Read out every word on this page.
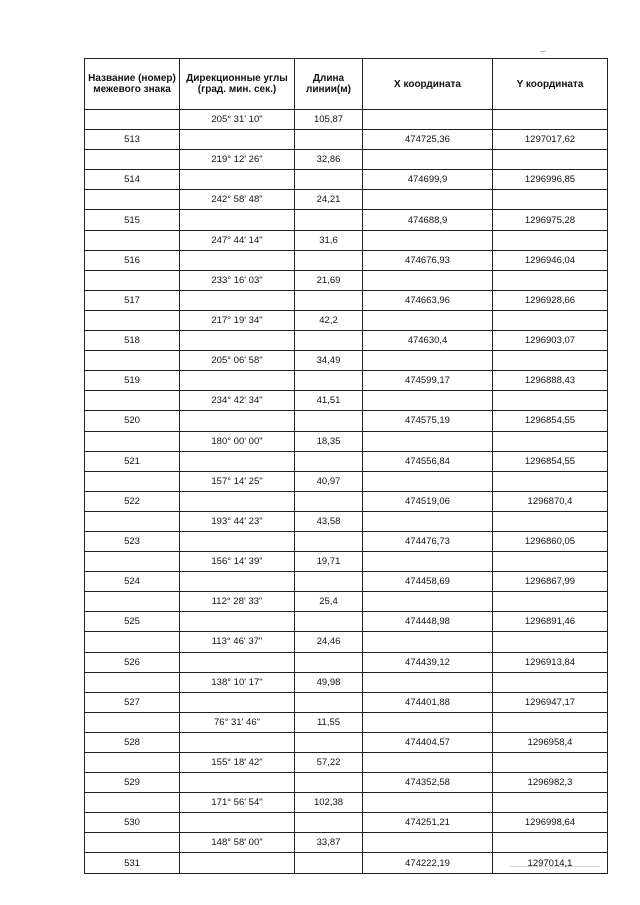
Название (номер) межевого знака	Дирекционные углы (град. мин. сек.)	Длина линии(м)	X координата	Y координата
	205° 31' 10"	105,87		
513			474725,36	1297017,62
	219° 12' 26"	32,86		
514			474699,9	1296996,85
	242° 58' 48"	24,21		
515			474688,9	1296975,28
	247° 44' 14"	31,6		
516			474676,93	1296946,04
	233° 16' 03"	21,69		
517			474663,96	1296928,66
	217° 19' 34"	42,2		
518			474630,4	1296903,07
	205° 06' 58"	34,49		
519			474599,17	1296888,43
	234° 42' 34"	41,51		
520			474575,19	1296854,55
	180° 00' 00"	18,35		
521			474556,84	1296854,55
	157° 14' 25"	40,97		
522			474519,06	1296870,4
	193° 44' 23"	43,58		
523			474476,73	1296860,05
	156° 14' 39"	19,71		
524			474458,69	1296867,99
	112° 28' 33"	25,4		
525			474448,98	1296891,46
	113° 46' 37"	24,46		
526			474439,12	1296913,84
	138° 10' 17"	49,98		
527			474401,88	1296947,17
	76° 31' 46"	11,55		
528			474404,57	1296958,4
	155° 18' 42"	57,22		
529			474352,58	1296982,3
	171° 56' 54"	102,38		
530			474251,21	1296998,64
	148° 58' 00"	33,87		
531			474222,19	1297014,1
